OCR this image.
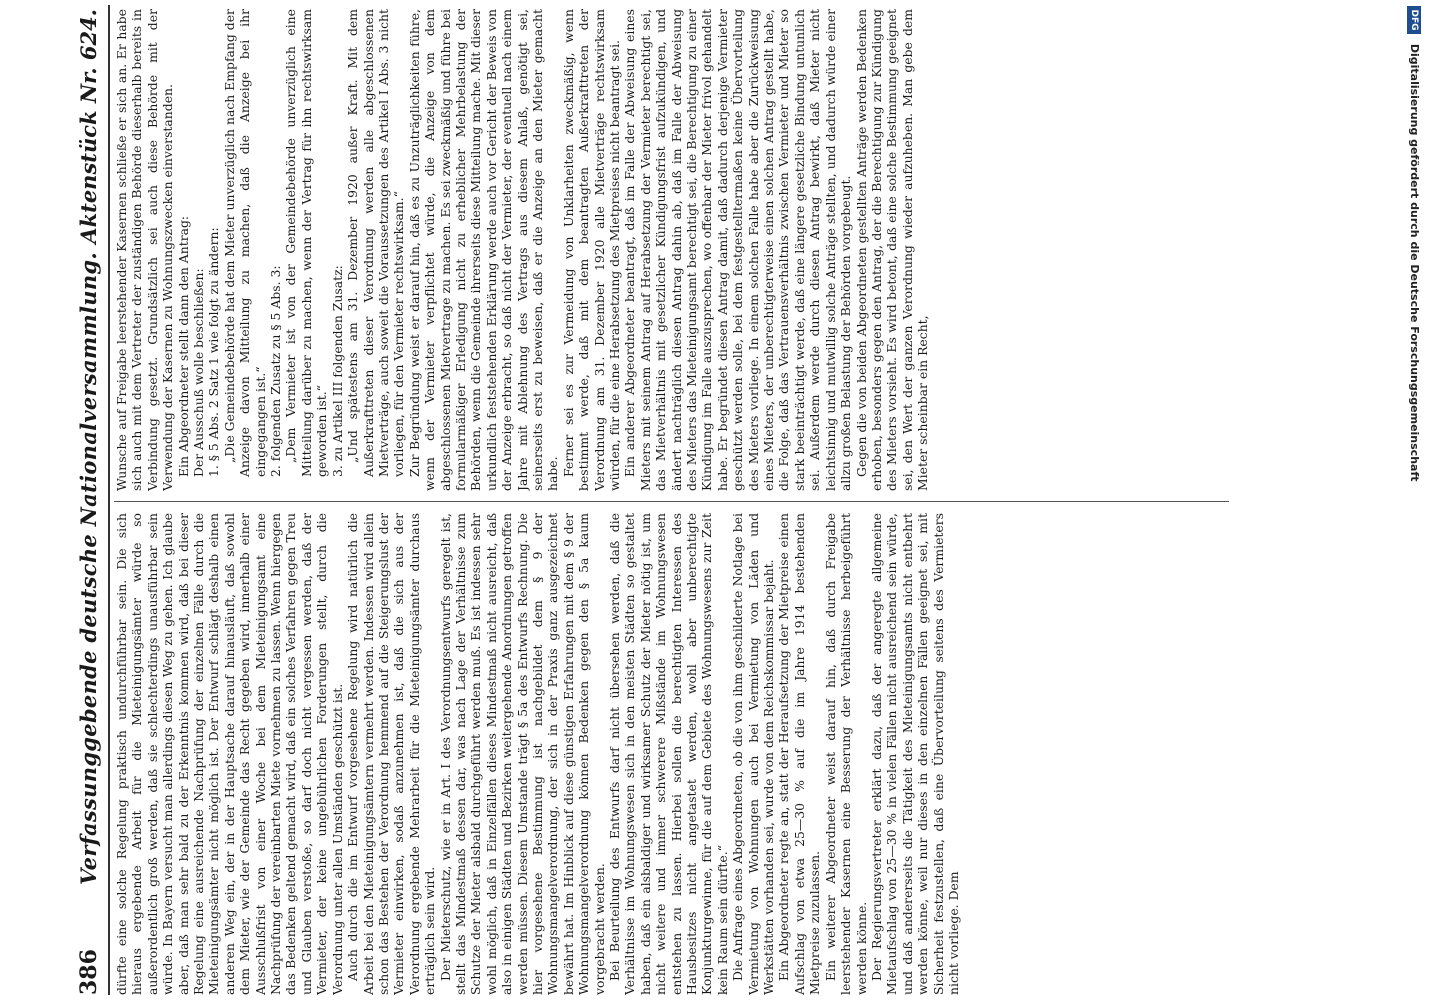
386
Verfassunggebende deutsche Nationalversammlung.
Aktenstück Nr. 624.

dürfte eine solche Regelung praktisch undurchführbar sein. Die sich hieraus ergebende Arbeit für die Mieteinigungsämter würde so außerordentlich groß werden, daß sie schlechterdings unausführbar sein würde. In Bayern versucht man allerdings diesen Weg zu gehen. Ich glaube aber, daß man sehr bald zu der Erkenntnis kommen wird, daß bei dieser Regelung eine ausreichende Nachprüfung der einzelnen Fälle durch die Mieteinigungsämter nicht möglich ist. Der Entwurf schlägt deshalb einen anderen Weg ein, der in der Hauptsache darauf hinausläuft, daß sowohl dem Mieter, wie der Gemeinde das Recht gegeben wird, innerhalb einer Ausschlußfrist von einer Woche bei dem Mieteinigungsamt eine Nachprüfung der vereinbarten Miete vornehmen zu lassen. Wenn hiergegen das Bedenken geltend gemacht wird, daß ein solches Verfahren gegen Treu und Glauben verstoße, so darf doch nicht vergessen werden, daß der Vermieter, der keine ungebührlichen Forderungen stellt, durch die Verordnung unter allen Umständen geschützt ist. Auch durch die im Entwurf vorgesehene Regelung wird natürlich die Arbeit bei den Mieteinigungsämtern vermehrt werden. Indessen wird allein schon das Bestehen der Verordnung hemmend auf die Steigerungslust der Vermieter einwirken, sodaß anzunehmen ist, daß die sich aus der Verordnung ergebende Mehrarbeit für die Mieteinigungsämter durchaus erträglich sein wird. Der Mieterschutz, wie er in Art. I des Verordnungsentwurfs geregelt ist, stellt das Mindestmaß dessen dar, was nach Lage der Verhältnisse zum Schutze der Mieter alsbald durchgeführt werden muß. Es ist indessen sehr wohl möglich, daß in Einzelfällen dieses Mindestmaß nicht ausreicht, daß also in einigen Städten und Bezirken weitergehende Anordnungen getroffen werden müssen. Diesem Umstande trägt § 5a des Entwurfs Rechnung. Die hier vorgesehene Bestimmung ist nachgebildet dem § 9 der Wohnungsmangelverordnung, der sich in der Praxis ganz ausgezeichnet bewährt hat. Im Hinblick auf diese günstigen Erfahrungen mit dem § 9 der Wohnungsmangelverordnung können Bedenken gegen den § 5a kaum vorgebracht werden. Bei Beurteilung des Entwurfs darf nicht übersehen werden, daß die Verhältnisse im Wohnungswesen sich in den meisten Städten so gestaltet haben, daß ein alsbaldiger und wirksamer Schutz der Mieter nötig ist, um nicht weitere und immer schwerere Mißstände im Wohnungswesen entstehen zu lassen. Hierbei sollen die berechtigten Interessen des Hausbesitzes nicht angetastet werden, wohl aber unberechtigte Konjunkturgewinne, für die auf dem Gebiete des Wohnungswesens zur Zeit kein Raum sein dürfte.“ Die Anfrage eines Abgeordneten, ob die von ihm geschilderte Notlage bei Vermietung von Wohnungen auch bei Vermietung von Läden und Werkstätten vorhanden sei, wurde von dem Reichskommissar bejaht. Ein Abgeordneter regte an, statt der Heraufsetzung der Mietpreise einen Aufschlag von etwa 25—30 % auf die im Jahre 1914 bestehenden Mietpreise zuzulassen. Ein weiterer Abgeordneter weist darauf hin, daß durch Freigabe leerstehender Kasernen eine Besserung der Verhältnisse herbeigeführt werden könne. Der Regierungsvertreter erklärt dazu, daß der angeregte allgemeine Mietaufschlag von 25—30 % in vielen Fällen nicht ausreichend sein würde, und daß andererseits die Tätigkeit des Mieteinigungsamts nicht entbehrt werden könne, weil nur dieses in den einzelnen Fällen geeignet sei, mit Sicherheit festzustellen, daß eine Übervorteilung seitens des Vermieters nicht vorliege. Dem

Wunsche auf Freigabe leerstehender Kasernen schließe er sich an. Er habe sich auch mit dem Vertreter der zuständigen Behörde dieserhalb bereits in Verbindung gesetzt. Grundsätzlich sei auch diese Behörde mit der Verwendung der Kasernen zu Wohnungszwecken einverstanden. Ein Abgeordneter stellt dann den Antrag: Der Ausschuß wolle beschließen: 1. § 5 Abs. 2 Satz 1 wie folgt zu ändern: „Die Gemeindebehörde hat dem Mieter unverzüglich nach Empfang der Anzeige davon Mitteilung zu machen, daß die Anzeige bei ihr eingegangen ist.“ 2. folgenden Zusatz zu § 5 Abs. 3: „Dem Vermieter ist von der Gemeindebehörde unverzüglich eine Mitteilung darüber zu machen, wenn der Vertrag für ihn rechtswirksam geworden ist.“ 3. zu Artikel III folgenden Zusatz: „Und spätestens am 31. Dezember 1920 außer Kraft. Mit dem Außerkrafttreten dieser Verordnung werden alle abgeschlossenen Mietverträge, auch soweit die Voraussetzungen des Artikel I Abs. 3 nicht vorliegen, für den Vermieter rechtswirksam.“ Zur Begründung weist er darauf hin, daß es zu Unzuträglichkeiten führe, wenn der Vermieter verpflichtet würde, die Anzeige von dem abgeschlossenen Mietvertrage zu machen. Es sei zweckmäßig und führe bei formularmäßiger Erledigung nicht zu erheblicher Mehrbelastung der Behörden, wenn die Gemeinde ihrerseits diese Mitteilung mache. Mit dieser urkundlich feststehenden Erklärung werde auch vor Gericht der Beweis von der Anzeige erbracht, so daß nicht der Vermieter, der eventuell nach einem Jahre mit Ablehnung des Vertrags aus diesem Anlaß, genötigt sei, seinerseits erst zu beweisen, daß er die Anzeige an den Mieter gemacht habe. Ferner sei es zur Vermeidung von Unklarheiten zweckmäßig, wenn bestimmt werde, daß mit dem beantragten Außerkrafttreten der Verordnung am 31. Dezember 1920 alle Mietverträge rechtswirksam würden, für die eine Herabsetzung des Mietpreises nicht beantragt sei. Ein anderer Abgeordneter beantragt, daß im Falle der Abweisung eines Mieters mit seinem Antrag auf Herabsetzung der Vermieter berechtigt sei, das Mietverhältnis mit gesetzlicher Kündigungsfrist aufzukündigen, und ändert nachträglich diesen Antrag dahin ab, daß im Falle der Abweisung des Mieters das Mieteinigungsamt berechtigt sei, die Berechtigung zu einer Kündigung im Falle auszusprechen, wo offenbar der Mieter frivol gehandelt habe. Er begründet diesen Antrag damit, daß dadurch derjenige Vermieter geschützt werden solle, bei dem festgestelltermaßen keine Übervorteilung des Mieters vorliege. In einem solchen Falle habe aber die Zurückweisung eines Mieters, der unberechtigterweise einen solchen Antrag gestellt habe, die Folge, daß das Vertrauensverhältnis zwischen Vermieter und Mieter so stark beeinträchtigt werde, daß eine längere gesetzliche Bindung untunlich sei. Außerdem werde durch diesen Antrag bewirkt, daß Mieter nicht leichtsinnig und mutwillig solche Anträge stellten, und dadurch würde einer allzu großen Belastung der Behörden vorgebeugt. Gegen die von beiden Abgeordneten gestellten Anträge werden Bedenken erhoben, besonders gegen den Antrag, der die Berechtigung zur Kündigung des Mieters vorsieht. Es wird betont, daß eine solche Bestimmung geeignet sei, den Wert der ganzen Verordnung wieder aufzuheben. Man gebe dem Mieter scheinbar ein Recht,

DFG Digitalisierung gefördert durch die Deutsche Forschungsgemeinschaft
